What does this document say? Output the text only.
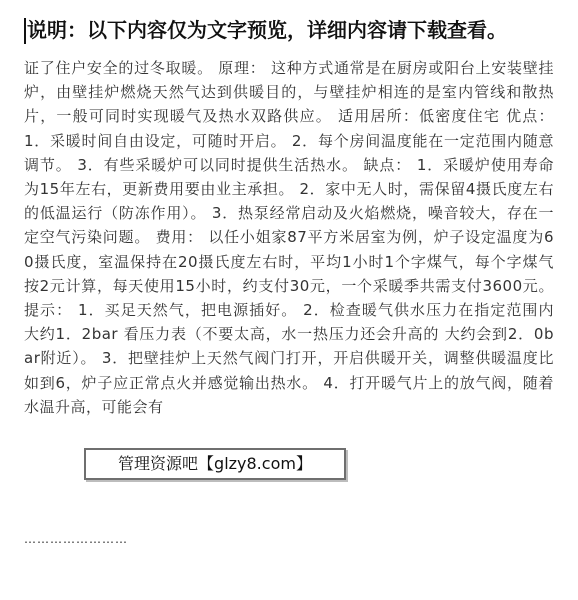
说明：以下内容仅为文字预览，详细内容请下载查看。

证了住户安全的过冬取暖。 原理： 这种方式通常是在厨房或阳台上安装壁挂炉，由壁挂炉燃烧天然气达到供暖目的，与壁挂炉相连的是室内管线和散热片，一般可同时实现暖气及热水双路供应。 适用居所：低密度住宅 优点： 1．采暖时间自由设定，可随时开启。 2．每个房间温度能在一定范围内随意调节。 3．有些采暖炉可以同时提供生活热水。 缺点： 1．采暖炉使用寿命为15年左右，更新费用要由业主承担。 2．家中无人时，需保留4摄氏度左右的低温运行（防冻作用）。 3．热泵经常启动及火焰燃烧，噪音较大，存在一定空气污染问题。 费用： 以任小姐家87平方米居室为例，炉子设定温度为60摄氏度，室温保持在20摄氏度左右时，平均1小时1个字煤气，每个字煤气按2元计算，每天使用15小时，约支付30元，一个采暖季共需支付3600元。 提示： 1．买足天然气，把电源插好。 2．检查暖气供水压力在指定范围内 大约1．2bar 看压力表（不要太高，水一热压力还会升高的 大约会到2．0bar附近）。 3．把壁挂炉上天然气阀门打开，开启供暖开关，调整供暖温度比如到6，炉子应正常点火并感觉输出热水。 4．打开暖气片上的放气阀，随着水温升高，可能会有

管理资源吧【glzy8.com】
……………………
